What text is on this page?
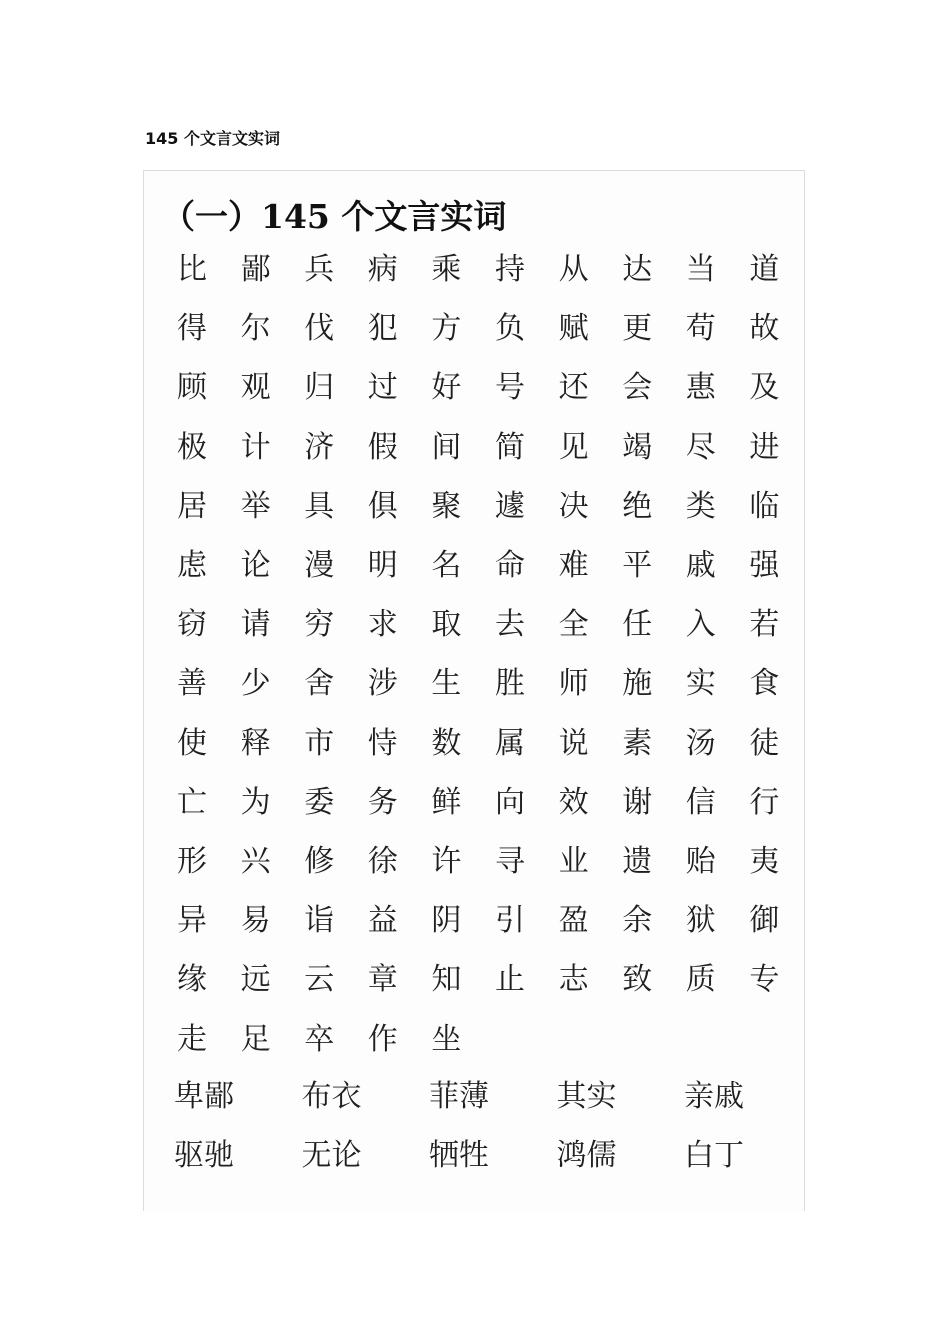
145 个文言文实词
（一）145 个文言实词
比 鄙 兵 病 乘 持 从 达 当 道
得 尔 伐 犯 方 负 赋 更 苟 故
顾 观 归 过 好 号 还 会 惠 及
极 计 济 假 间 简 见 竭 尽 进
居 举 具 俱 聚 遽 决 绝 类 临
虑 论 漫 明 名 命 难 平 戚 强
窃 请 穷 求 取 去 全 任 入 若
善 少 舍 涉 生 胜 师 施 实 食
使 释 市 恃 数 属 说 素 汤 徒
亡 为 委 务 鲜 向 效 谢 信 行
形 兴 修 徐 许 寻 业 遗 贻 夷
异 易 诣 益 阴 引 盈 余 狱 御
缘 远 云 章 知 止 志 致 质 专
走 足 卒 作 坐
卑鄙	布衣	菲薄	其实	亲戚
驱驰	无论	牺牲	鸿儒	白丁
